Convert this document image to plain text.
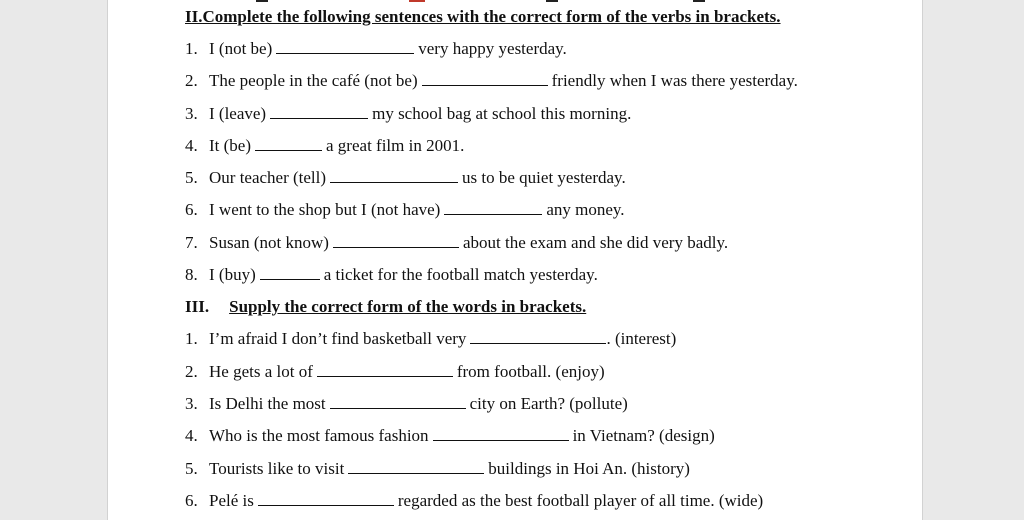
II.Complete the following sentences with the correct form of the verbs in brackets.
1. I (not be)	very happy yesterday.
2. The people in the café (not be)	friendly when I was there yesterday.
3. I (leave)	my school bag at school this morning.
4. It (be)	a great film in 2001.
5. Our teacher (tell)	us to be quiet yesterday.
6. I went to the shop but I (not have)	any money.
7. Susan (not know)	about the exam and she did very badly.
8. I (buy)	a ticket for the football match yesterday.
III. Supply the correct form of the words in brackets.
1. I’m afraid I don’t find basketball very	. (interest)
2. He gets a lot of	from football. (enjoy)
3. Is Delhi the most	city on Earth? (pollute)
4. Who is the most famous fashion	in Vietnam? (design)
5. Tourists like to visit	buildings in Hoi An. (history)
6. Pelé is	regarded as the best football player of all time. (wide)
